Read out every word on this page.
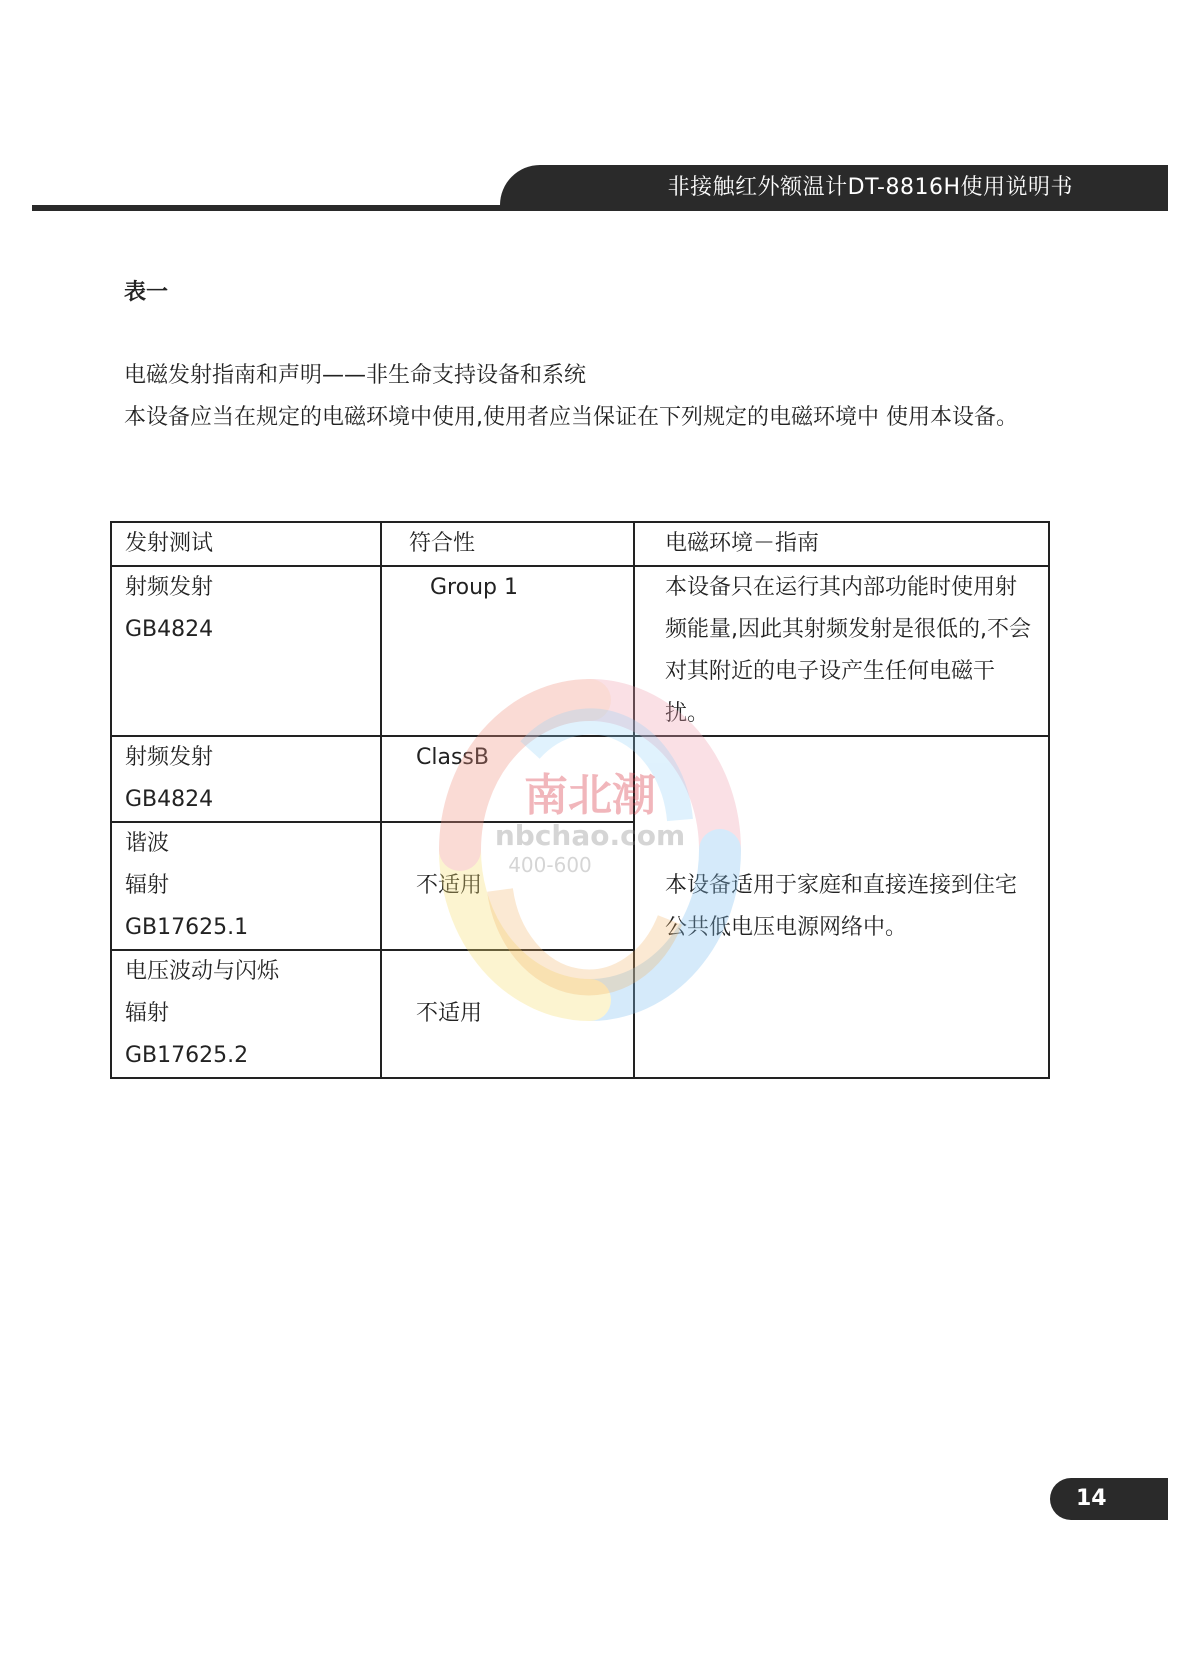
非接触红外额温计DT-8816H使用说明书
表一

电磁发射指南和声明——非生命支持设备和系统

本设备应当在规定的电磁环境中使用,使用者应当保证在下列规定的电磁环境中 使用本设备。

发射测试	符合性	电磁环境－指南

射频发射
GB4824	Group 1	本设备只在运行其内部功能时使用射频能量,因此其射频发射是很低的,不会对其附近的电子设产生任何电磁干扰。

射频发射
GB4824	ClassB	本设备适用于家庭和直接连接到住宅公共低电压电源网络中。

谐波
辐射
GB17625.1	不适用	

电压波动与闪烁
辐射
GB17625.2	不适用	
南北潮
nbchao.com
400-600
14
